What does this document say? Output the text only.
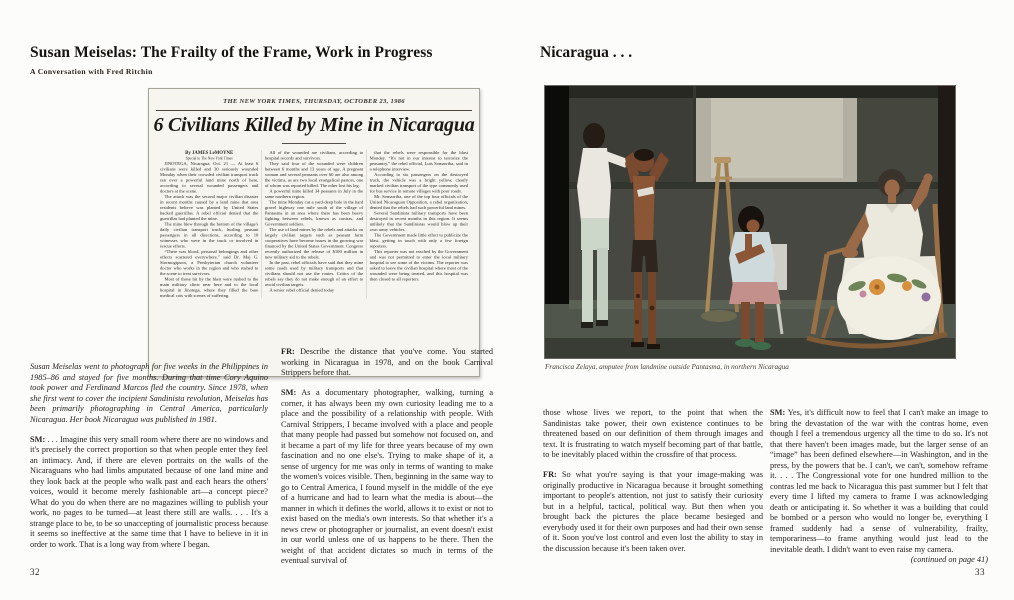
Susan Meiselas: The Frailty of the Frame, Work in Progress
A Conversation with Fred Ritchin
THE NEW YORK TIMES, THURSDAY, OCTOBER 23, 1986
6 Civilians Killed by Mine in Nicaragua

By JAMES LeMOYNE

Special to The New York Times

JINOTEGA, Nicaragua, Oct. 21 — At least 6 civilians were killed and 30 seriously wounded Monday when their crowded civilian transport truck ran over a powerful land mine north of here, according to several wounded passengers and doctors at the scene.

The attack was the second major civilian disaster in recent months caused by a land mine that area residents believe was planted by United States backed guerrillas. A rebel official denied that the guerrillas had planted the mine.

The mine blew through the bottom of the village's daily civilian transport truck, hurling peasant passengers in all directions, according to 10 witnesses who were in the truck or involved in rescue efforts.

“There was blood, personal belongings and other effects scattered everywhere,” said Dr. Maj G. Stormogipson, a Presbyterian church volunteer doctor who works in the region and who rushed to the scene to treat survivors.

Most of those hit by the blast were rushed to the main military clinic near here and to the local hospital in Jinotega, where they filled the bare medical cots with scenes of suffering.

All of the wounded are civilians, according to hospital records and survivors.

They said four of the wounded were children between 6 months and 13 years of age. A pregnant woman and several peasants over 60 are also among the victims, as are two local evangelical pastors, one of whom was reported killed. The other lost his leg.

A powerful mine killed 34 peasants in July in the same northern region.

The mine Monday cut a yard-deep hole in the hard gravel highway one mile south of the village of Pantasma in an area where there has been heavy fighting between rebels, known as contras, and Government soldiers.

The use of land mines by the rebels and attacks on largely civilian targets such as peasant farm cooperatives have become issues in the growing war financed by the United States Government. Congress recently authorized the release of $100 million in new military aid to the rebels.

In the past, rebel officials have said that they mine some roads used by military transports and that civilians should not use the routes. Critics of the rebels say they do not make enough of an effort to avoid civilian targets.

A senior rebel official denied today

that the rebels were responsible for the blast Monday. “It's not in our interest to terrorize the peasantry,” the rebel official, Luis Somarriba, said in a telephone interview.

According to six passengers on the destroyed truck, the vehicle was a bright yellow, clearly marked civilian transport of the type commonly used for bus service in remote villages with poor roads.

Mr. Somarriba, one of the top four officials of the United Nicaraguan Opposition, a rebel organization, denied that the rebels had such powerful land mines.

Several Sandinista military transports have been destroyed in recent months in this region. It seems unlikely that the Sandinistas would blow up their own army vehicles.

The Government made little effort to publicize the blast, getting in touch with only a few foreign reporters.

This reporter was not reached by the Government and was not permitted to enter the local military hospital to see some of the victims. The reporter was asked to leave the civilian hospital where most of the wounded were being treated, and this hospital was then closed to all reporters.

Susan Meiselas went to photograph for five weeks in the Philippines in 1985–86 and stayed for five months. During that time Cory Aquino took power and Ferdinand Marcos fled the country. Since 1978, when she first went to cover the incipient Sandinista revolution, Meiselas has been primarily photographing in Central America, particularly Nicaragua. Her book Nicaragua was published in 1981.

SM: . . . Imagine this very small room where there are no windows and it's precisely the correct proportion so that when people enter they feel an intimacy. And, if there are eleven portraits on the walls of the Nicaraguans who had limbs amputated because of one land mine and they look back at the people who walk past and each hears the others' voices, would it become merely fashionable art—a concept piece? What do you do when there are no magazines willing to publish your work, no pages to be turned—at least there still are walls. . . . It's a strange place to be, to be so unaccepting of journalistic process because it seems so ineffective at the same time that I have to believe in it in order to work. That is a long way from where I began.

FR: Describe the distance that you've come. You started working in Nicaragua in 1978, and on the book Carnival Strippers before that.

SM: As a documentary photographer, walking, turning a corner, it has always been my own curiosity leading me to a place and the possibility of a relationship with people. With Carnival Strippers, I became involved with a place and people that many people had passed but somehow not focused on, and it became a part of my life for three years because of my own fascination and no one else's. Trying to make shape of it, a sense of urgency for me was only in terms of wanting to make the women's voices visible. Then, beginning in the same way to go to Central America, I found myself in the middle of the eye of a hurricane and had to learn what the media is about—the manner in which it defines the world, allows it to exist or not to exist based on the media's own interests. So that whether it's a news crew or photographer or journalist, an event doesn't exist in our world unless one of us happens to be there. Then the weight of that accident dictates so much in terms of the eventual survival of

32
Nicaragua . . .
Francisca Zelaya, amputee from landmine outside Pantasma, in northern Nicaragua

those whose lives we report, to the point that when the Sandinistas take power, their own existence continues to be threatened based on our definition of them through images and text. It is frustrating to watch myself becoming part of that battle, to be inevitably placed within the crossfire of that process.

FR: So what you're saying is that your image-making was originally productive in Nicaragua because it brought something important to people's attention, not just to satisfy their curiosity but in a helpful, tactical, political way. But then when you brought back the pictures the place became besieged and everybody used it for their own purposes and had their own sense of it. Soon you've lost control and even lost the ability to stay in the discussion because it's been taken over.

SM: Yes, it's difficult now to feel that I can't make an image to bring the devastation of the war with the contras home, even though I feel a tremendous urgency all the time to do so. It's not that there haven't been images made, but the larger sense of an “image” has been defined elsewhere—in Washington, and in the press, by the powers that be. I can't, we can't, somehow reframe it. . . . The Congressional vote for one hundred million to the contras led me back to Nicaragua this past summer but I felt that every time I lifted my camera to frame I was acknowledging death or anticipating it. So whether it was a building that could be bombed or a person who would no longer be, everything I framed suddenly had a sense of vulnerability, frailty, temporariness—to frame anything would just lead to the inevitable death. I didn't want to even raise my camera.

(continued on page 41)

33
